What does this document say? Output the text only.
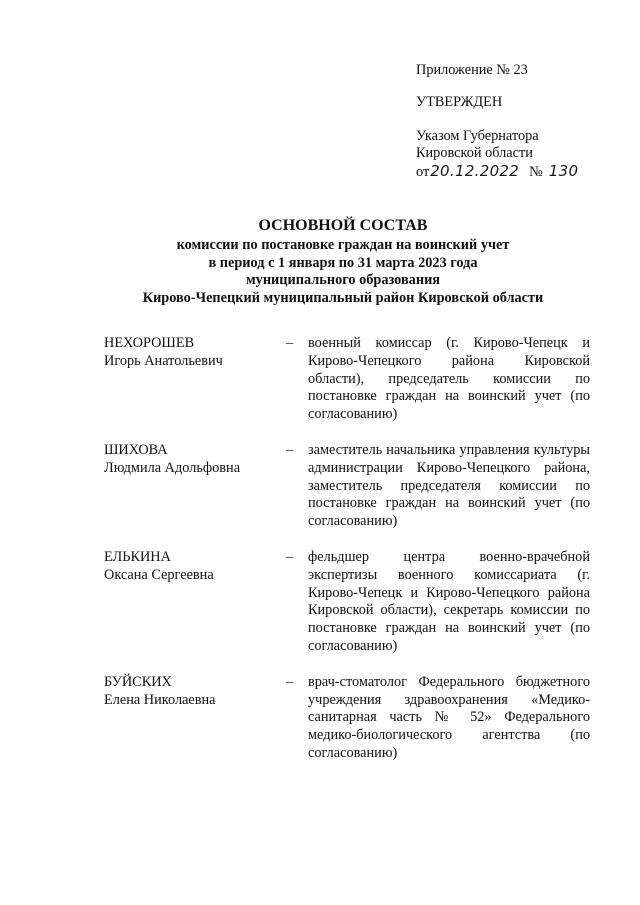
Приложение № 23
УТВЕРЖДЕН
Указом Губернатора
Кировской области
от 20.12.2022 № 130
ОСНОВНОЙ СОСТАВ
комиссии по постановке граждан на воинский учет
в период с 1 января по 31 марта 2023 года
муниципального образования
Кирово-Чепецкий муниципальный район Кировской области
НЕХОРОШЕВ
Игорь Анатольевич
–	военный комиссар (г. Кирово-Чепецк и Кирово-Чепецкого района Кировской области), председатель комиссии по постановке граждан на воинский учет (по согласованию)
ШИХОВА
Людмила Адольфовна
–	заместитель начальника управления культуры администрации Кирово-Чепецкого района, заместитель председателя комиссии по постановке граждан на воинский учет (по согласованию)
ЕЛЬКИНА
Оксана Сергеевна
–	фельдшер центра военно-врачебной экспертизы военного комиссариата (г. Кирово-Чепецк и Кирово-Чепецкого района Кировской области), секретарь комиссии по постановке граждан на воинский учет (по согласованию)
БУЙСКИХ
Елена Николаевна
–	врач-стоматолог Федерального бюджетного учреждения здравоохранения «Медико-санитарная часть № 52» Федерального медико-биологического агентства (по согласованию)
